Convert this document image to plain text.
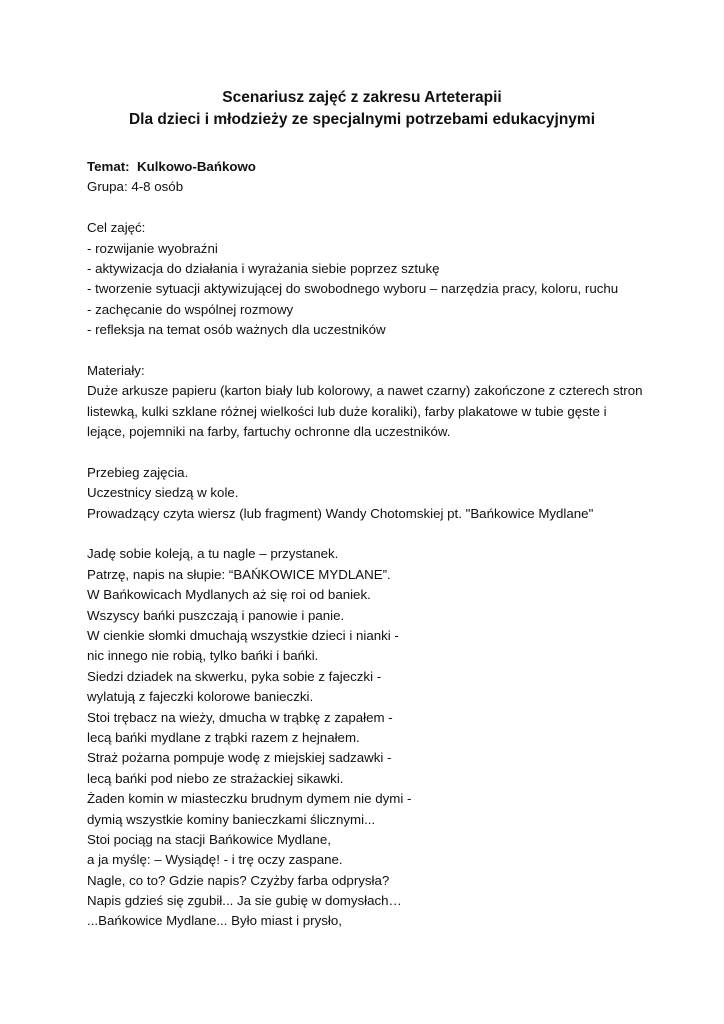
Scenariusz zajęć z zakresu Arteterapii
Dla dzieci i młodzieży ze specjalnymi potrzebami edukacyjnymi
Temat: Kulkowo-Bańkowo
Grupa: 4-8 osób
Cel zajęć:
- rozwijanie wyobraźni
- aktywizacja do działania i wyrażania siebie poprzez sztukę
- tworzenie sytuacji aktywizującej do swobodnego wyboru – narzędzia pracy, koloru, ruchu
- zachęcanie do wspólnej rozmowy
- refleksja na temat osób ważnych dla uczestników
Materiały:
Duże arkusze papieru (karton biały lub kolorowy, a nawet czarny) zakończone z czterech stron
listewką, kulki szklane różnej wielkości lub duże koraliki), farby plakatowe w tubie gęste i
lejące, pojemniki na farby, fartuchy ochronne dla uczestników.
Przebieg zajęcia.
Uczestnicy siedzą w kole.
Prowadzący czyta wiersz (lub fragment) Wandy Chotomskiej pt. "Bańkowice Mydlane"
Jadę sobie koleją, a tu nagle – przystanek.
Patrzę, napis na słupie: “BAŃKOWICE MYDLANE”.
W Bańkowicach Mydlanych aż się roi od baniek.
Wszyscy bańki puszczają i panowie i panie.
W cienkie słomki dmuchają wszystkie dzieci i nianki -
nic innego nie robią, tylko bańki i bańki.
Siedzi dziadek na skwerku, pyka sobie z fajeczki -
wylatują z fajeczki kolorowe banieczki.
Stoi trębacz na wieży, dmucha w trąbkę z zapałem -
lecą bańki mydlane z trąbki razem z hejnałem.
Straż pożarna pompuje wodę z miejskiej sadzawki -
lecą bańki pod niebo ze strażackiej sikawki.
Żaden komin w miasteczku brudnym dymem nie dymi -
dymią wszystkie kominy banieczkami ślicznymi...
Stoi pociąg na stacji Bańkowice Mydlane,
a ja myślę: – Wysiądę! - i trę oczy zaspane.
Nagle, co to? Gdzie napis? Czyżby farba odprysła?
Napis gdzieś się zgubił... Ja sie gubię w domysłach…
...Bańkowice Mydlane... Było miast i prysło,
